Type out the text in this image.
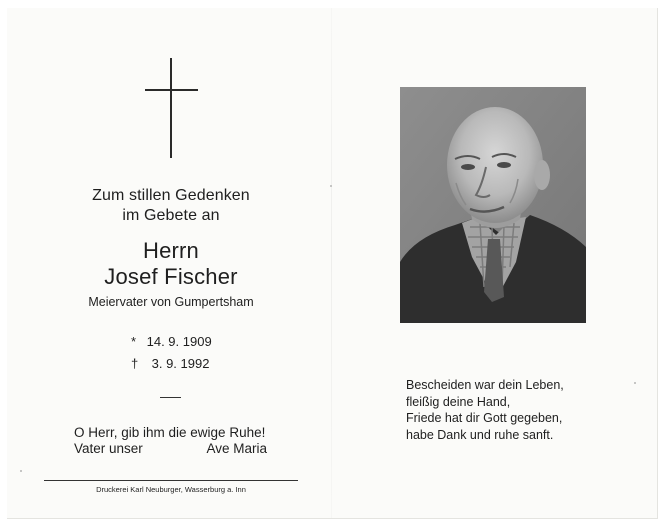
Zum stillen Gedenken
im Gebete an
Herrn
Josef Fischer
Meiervater von Gumpertsham
* 14. 9. 1909
† 3. 9. 1992
O Herr, gib ihm die ewige Ruhe!
Vater unser	Ave Maria
Druckerei Karl Neuburger, Wasserburg a. Inn
Bescheiden war dein Leben,
fleißig deine Hand,
Friede hat dir Gott gegeben,
habe Dank und ruhe sanft.
